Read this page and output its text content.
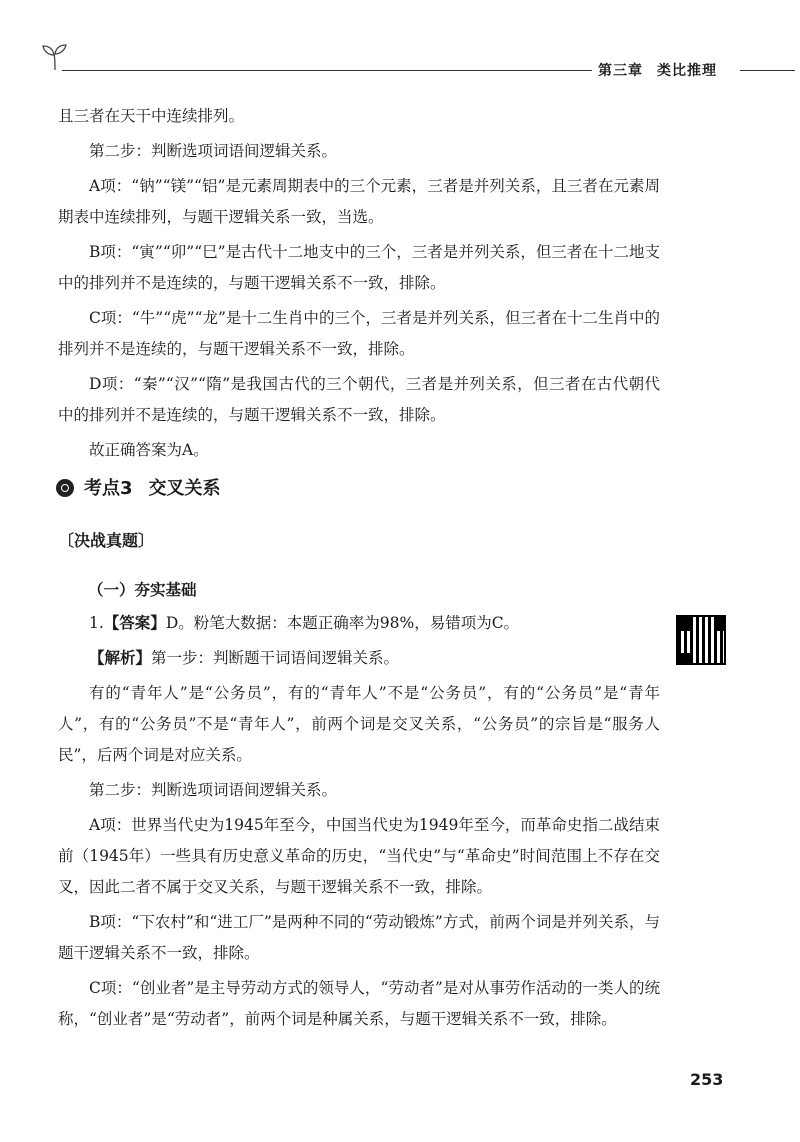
第三章 类比推理

且三者在天干中连续排列。

第二步：判断选项词语间逻辑关系。

A项：“钠”“镁”“铝”是元素周期表中的三个元素，三者是并列关系，且三者在元素周期表中连续排列，与题干逻辑关系一致，当选。

B项：“寅”“卯”“巳”是古代十二地支中的三个，三者是并列关系，但三者在十二地支中的排列并不是连续的，与题干逻辑关系不一致，排除。

C项：“牛”“虎”“龙”是十二生肖中的三个，三者是并列关系，但三者在十二生肖中的排列并不是连续的，与题干逻辑关系不一致，排除。

D项：“秦”“汉”“隋”是我国古代的三个朝代，三者是并列关系，但三者在古代朝代中的排列并不是连续的，与题干逻辑关系不一致，排除。

故正确答案为A。

考点3 交叉关系
〔决战真题〕
（一）夯实基础

1.【答案】D。粉笔大数据：本题正确率为98%，易错项为C。

【解析】第一步：判断题干词语间逻辑关系。

有的“青年人”是“公务员”，有的“青年人”不是“公务员”，有的“公务员”是“青年人”，有的“公务员”不是“青年人”，前两个词是交叉关系，“公务员”的宗旨是“服务人民”，后两个词是对应关系。

第二步：判断选项词语间逻辑关系。

A项：世界当代史为1945年至今，中国当代史为1949年至今，而革命史指二战结束前（1945年）一些具有历史意义革命的历史，“当代史”与“革命史”时间范围上不存在交叉，因此二者不属于交叉关系，与题干逻辑关系不一致，排除。

B项：“下农村”和“进工厂”是两种不同的“劳动锻炼”方式，前两个词是并列关系，与题干逻辑关系不一致，排除。

C项：“创业者”是主导劳动方式的领导人，“劳动者”是对从事劳作活动的一类人的统称，“创业者”是“劳动者”，前两个词是种属关系，与题干逻辑关系不一致，排除。

253
